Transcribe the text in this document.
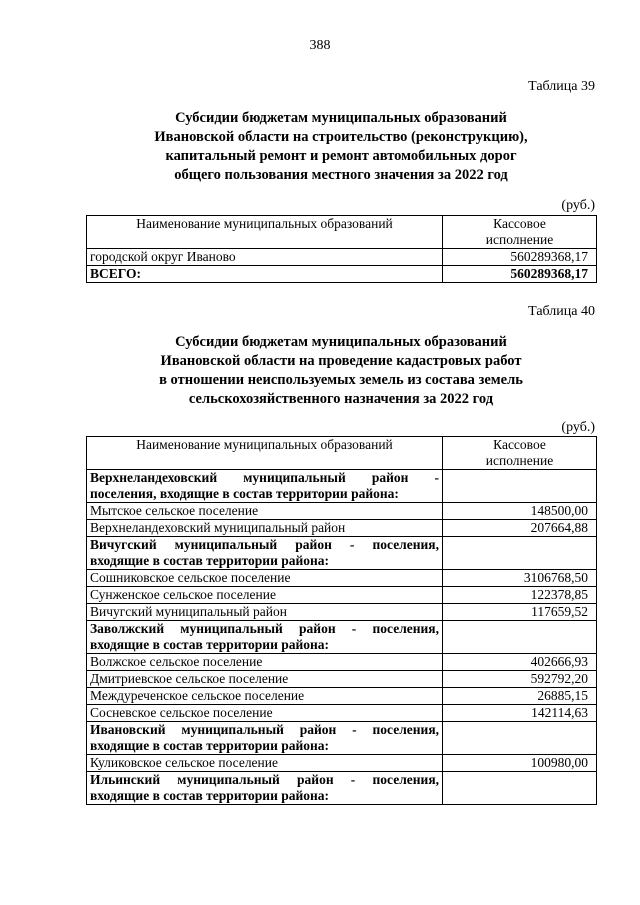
388
Таблица 39
Субсидии бюджетам муниципальных образований
Ивановской области на строительство (реконструкцию),
капитальный ремонт и ремонт автомобильных дорог
общего пользования местного значения за 2022 год
(руб.)
Наименование муниципальных образований	Кассовое
исполнение

городской округ Иваново	560289368,17
ВСЕГО:	560289368,17
Таблица 40
Субсидии бюджетам муниципальных образований
Ивановской области на проведение кадастровых работ
в отношении неиспользуемых земель из состава земель
сельскохозяйственного назначения за 2022 год
(руб.)
Наименование муниципальных образований	Кассовое
исполнение

Верхнеландеховский муниципальный район - поселения, входящие в состав территории района:	
Мытское сельское поселение	148500,00
Верхнеландеховский муниципальный район	207664,88
Вичугский муниципальный район - поселения, входящие в состав территории района:	
Сошниковское сельское поселение	3106768,50
Сунженское сельское поселение	122378,85
Вичугский муниципальный район	117659,52
Заволжский муниципальный район - поселения, входящие в состав территории района:	
Волжское сельское поселение	402666,93
Дмитриевское сельское поселение	592792,20
Междуреченское сельское поселение	26885,15
Сосневское сельское поселение	142114,63
Ивановский муниципальный район - поселения, входящие в состав территории района:	
Куликовское сельское поселение	100980,00
Ильинский муниципальный район - поселения, входящие в состав территории района:	
